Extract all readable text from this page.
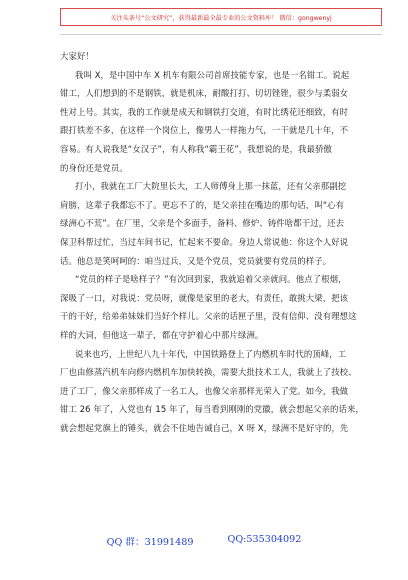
关注头条号“公文研究”，获得最新最全最专业的公文资料库！ 微信：gongwenyj

大家好！

我叫 X，是中国中车 X 机车有限公司首席技能专家，也是一名钳工。说起

钳工，人们想到的不是钢铁，就是机床，耐酸打打、切切锉锉，很少与柔弱女

性对上号。其实，我的工作就是成天和钢铁打交道，有时比绣花还细致，有时

跟打铁差不多，在这样一个岗位上，像男人一样拖力气，一干就是几十年，不

容易。有人说我是“女汉子”，有人称我“霸王花”，我想说的是，我最骄傲

的身份还是党员。

打小，我就在工厂大院里长大，工人师傅身上那一抹蓝，还有父亲那副挖

肩膀，这辈子我都忘不了。更忘不了的，是父亲挂在嘴边的那句话，叫“心有

绿洲心不荒”。在厂里，父亲是个多面手，备料、修炉、铸件啥都干过，还去

保卫科帮过忙，当过车间书记，忙起来不要命。身边人常说他：你这个人好说

话。他总是笑呵呵的：咱当过兵，又是个党员，党员就要有党员的样子。

“党员的样子是啥样子？”有次回到家，我就追着父亲就问。他点了根烟，

深吸了一口，对我说：党员呀，就像是家里的老大，有责任，敢挑大梁，把该

干的干好，给弟弟妹妹们当好个样儿。父亲的话匣子里，没有信仰、没有理想这

样的大词，但他这一辈子，都在守护着心中那片绿洲。

说来也巧，上世纪八九十年代，中国铁路登上了内燃机车时代的顶峰，工

厂也由修蒸汽机车向修内燃机车加快转换，需要大批技术工人，我就上了技校、

进了工厂，像父亲那样成了一名工人，也像父亲那样光荣入了党。如今，我做

钳工 26 年了，入党也有 15 年了，每当看到刚刚的党徽，就会想起父亲的话来，

就会想起党旗上的锤头，就会不住地告诫自己，X 呀 X，绿洲不是好守的，先

QQ 群：31991489	QQ:535304092
